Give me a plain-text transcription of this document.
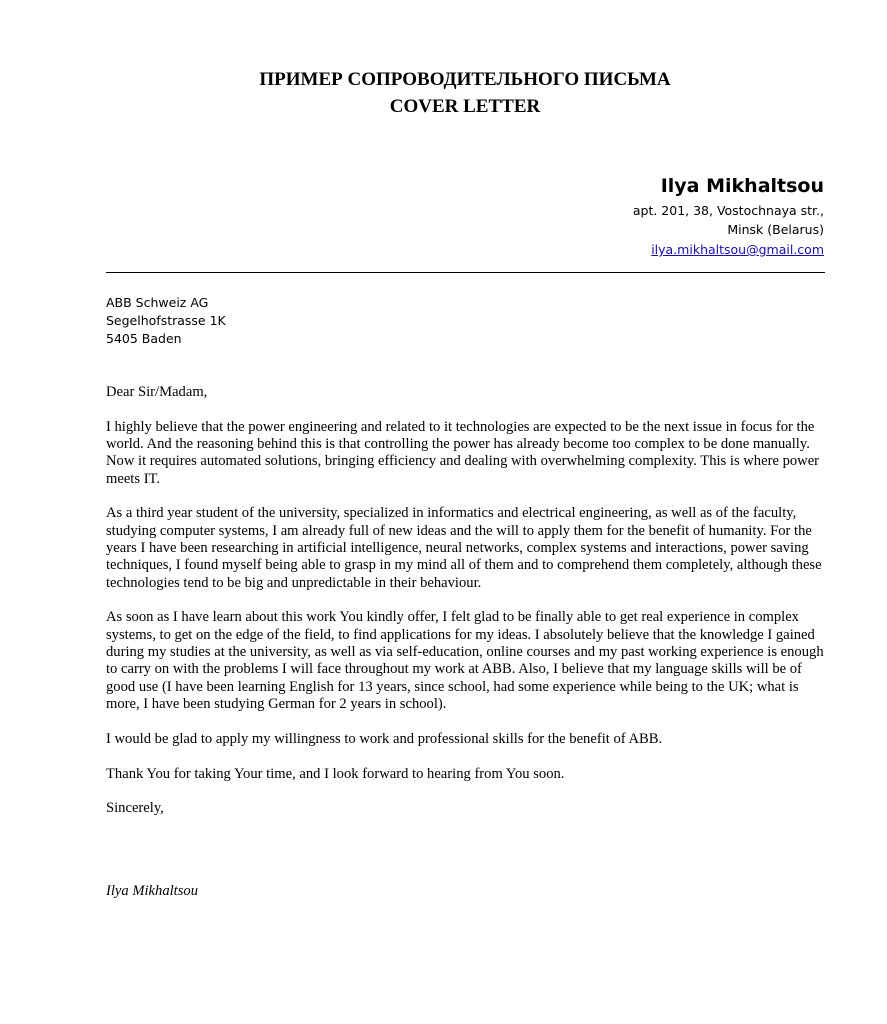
ПРИМЕР СОПРОВОДИТЕЛЬНОГО ПИСЬМА
COVER LETTER
Ilya Mikhaltsou
apt. 201, 38, Vostochnaya str.,
Minsk (Belarus)
ilya.mikhaltsou@gmail.com
ABB Schweiz AG
Segelhofstrasse 1K
5405 Baden

Dear Sir/Madam,

I highly believe that the power engineering and related to it technologies are expected to be the next issue in focus for the world. And the reasoning behind this is that controlling the power has already become too complex to be done manually. Now it requires automated solutions, bringing efficiency and dealing with overwhelming complexity. This is where power meets IT.

As a third year student of the university, specialized in informatics and electrical engineering, as well as of the faculty, studying computer systems, I am already full of new ideas and the will to apply them for the benefit of humanity. For the years I have been researching in artificial intelligence, neural networks, complex systems and interactions, power saving techniques, I found myself being able to grasp in my mind all of them and to comprehend them completely, although these technologies tend to be big and unpredictable in their behaviour.

As soon as I have learn about this work You kindly offer, I felt glad to be finally able to get real experience in complex systems, to get on the edge of the field, to find applications for my ideas. I absolutely believe that the knowledge I gained during my studies at the university, as well as via self-education, online courses and my past working experience is enough to carry on with the problems I will face throughout my work at ABB. Also, I believe that my language skills will be of good use (I have been learning English for 13 years, since school, had some experience while being to the UK; what is more, I have been studying German for 2 years in school).

I would be glad to apply my willingness to work and professional skills for the benefit of ABB.

Thank You for taking Your time, and I look forward to hearing from You soon.

Sincerely,

Ilya Mikhaltsou
